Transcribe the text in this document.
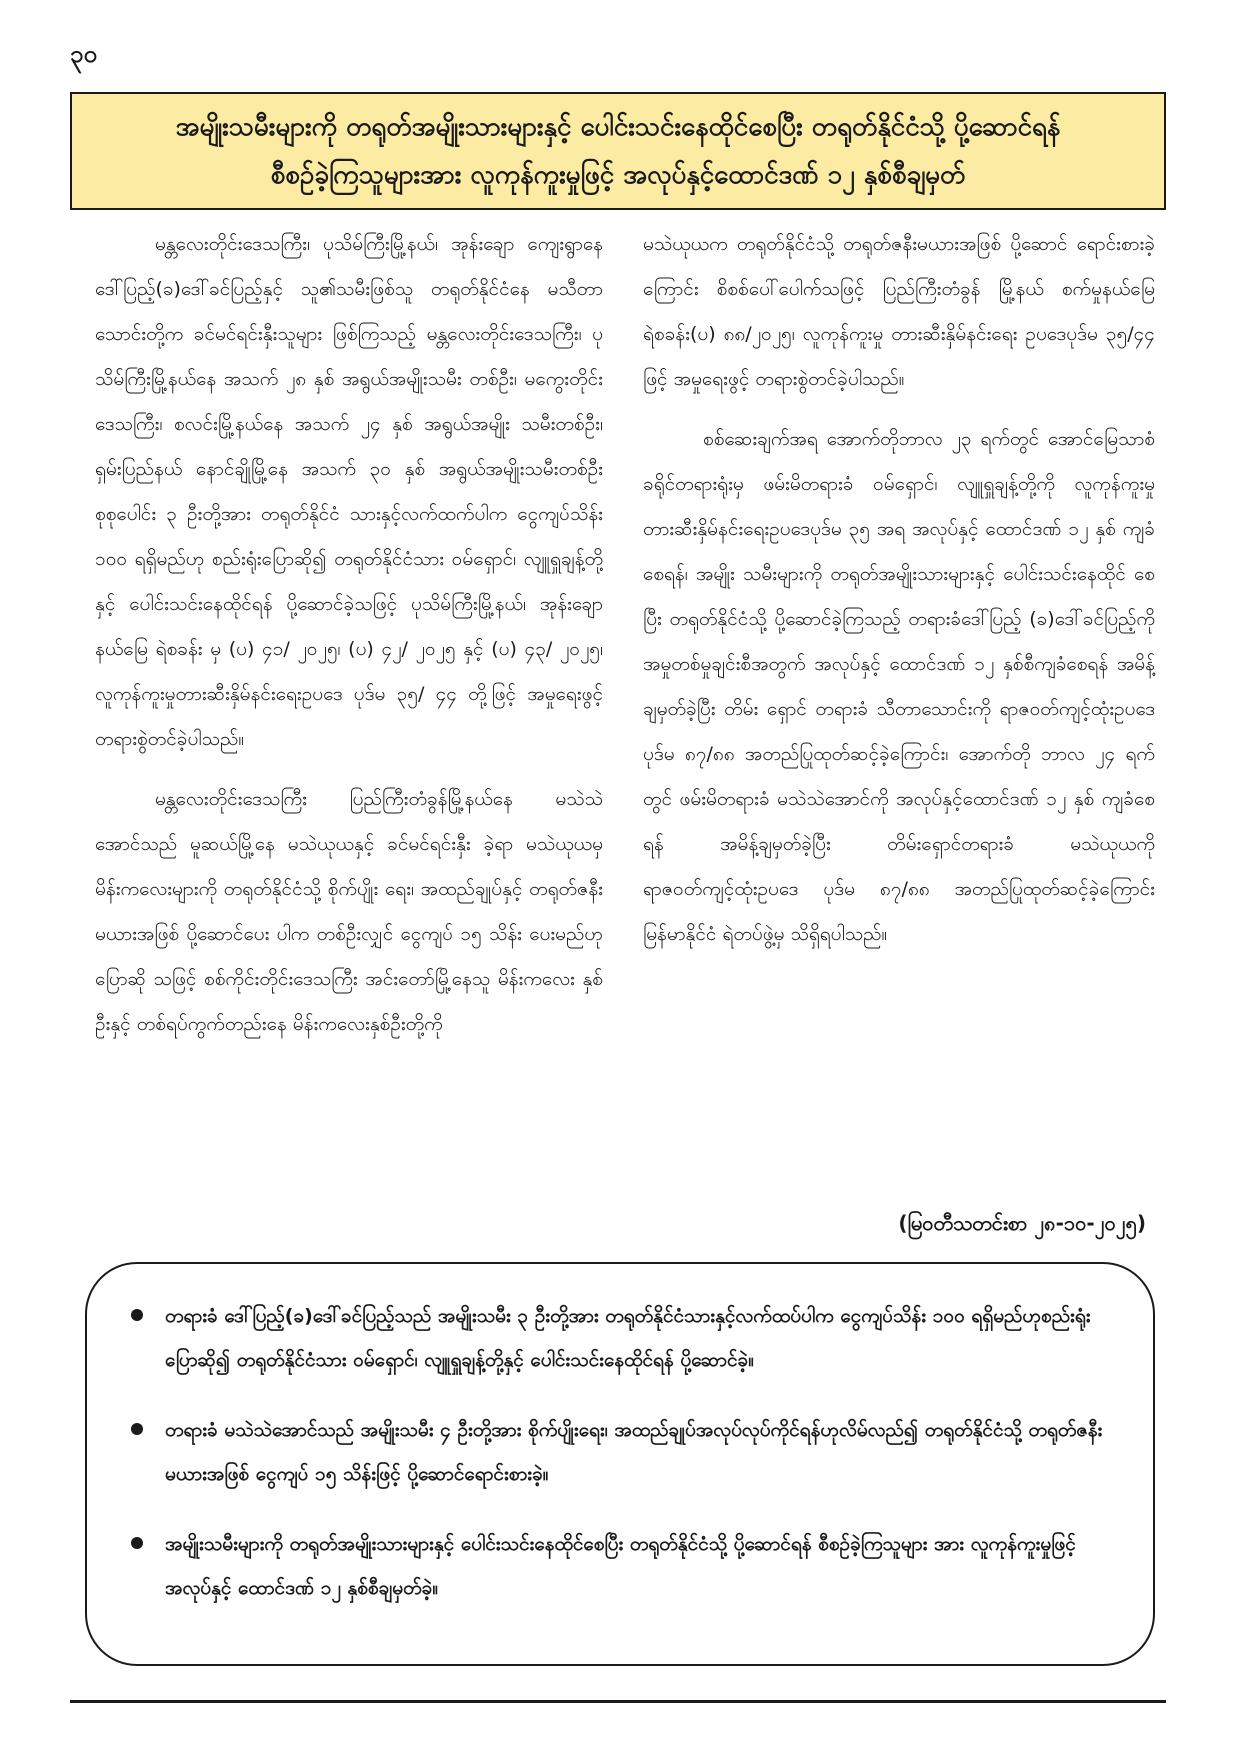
၃၀
အမျိုးသမီးများကို တရုတ်အမျိုးသားများနှင့် ပေါင်းသင်းနေထိုင်စေပြီး တရုတ်နိုင်ငံသို့ ပို့ဆောင်ရန်
စီစဉ်ခဲ့ကြသူများအား လူကုန်ကူးမှုဖြင့် အလုပ်နှင့်ထောင်ဒဏ် ၁၂ နှစ်စီချမှတ်

မန္တလေးတိုင်းဒေသကြီး၊ ပုသိမ်ကြီးမြို့နယ်၊ အုန်းချော ကျေးရွာနေ ဒေါ်ပြည့်(ခ)ဒေါ်ခင်ပြည့်နှင့် သူ၏သမီးဖြစ်သူ တရုတ်နိုင်ငံနေ မသီတာသောင်းတို့က ခင်မင်ရင်းနှီးသူများ ဖြစ်ကြသည့် မန္တလေးတိုင်းဒေသကြီး၊ ပုသိမ်ကြီးမြို့နယ်နေ အသက် ၂၈ နှစ် အရွယ်အမျိုးသမီး တစ်ဦး၊ မကွေးတိုင်း ဒေသကြီး၊ စလင်းမြို့နယ်နေ အသက် ၂၄ နှစ် အရွယ်အမျိုး သမီးတစ်ဦး၊ ရှမ်းပြည်နယ် နောင်ချိုမြို့နေ အသက် ၃၀ နှစ် အရွယ်အမျိုးသမီးတစ်ဦး စုစုပေါင်း ၃ ဦးတို့အား တရုတ်နိုင်ငံ သားနှင့်လက်ထက်ပါက ငွေကျပ်သိန်း ၁၀၀ ရရှိမည်ဟု စည်းရုံးပြောဆို၍ တရုတ်နိုင်ငံသား ဝမ်ရှောင်၊ လျူရှူချန့်တို့ နှင့် ပေါင်းသင်းနေထိုင်ရန် ပို့ဆောင်ခဲ့သဖြင့် ပုသိမ်ကြီးမြို့နယ်၊ အုန်းချောနယ်မြေ ရဲစခန်း မှ (ပ) ၄၁/ ၂၀၂၅၊ (ပ) ၄၂/ ၂၀၂၅ နှင့် (ပ) ၄၃/ ၂၀၂၅၊ လူကုန်ကူးမှုတားဆီးနှိမ်နင်းရေးဥပဒေ ပုဒ်မ ၃၅/ ၄၄ တို့ဖြင့် အမှုရေးဖွင့် တရားစွဲတင်ခဲ့ပါသည်။

မန္တလေးတိုင်းဒေသကြီး ပြည်ကြီးတံခွန်မြို့နယ်နေ မသဲသဲအောင်သည် မူဆယ်မြို့နေ မသဲယုယနှင့် ခင်မင်ရင်းနှီး ခဲ့ရာ မသဲယုယမှ မိန်းကလေးများကို တရုတ်နိုင်ငံသို့ စိုက်ပျိုး ရေး၊ အထည်ချုပ်နှင့် တရုတ်ဇနီးမယားအဖြစ် ပို့ဆောင်ပေး ပါက တစ်ဦးလျှင် ငွေကျပ် ၁၅ သိန်း ပေးမည်ဟု ပြောဆို သဖြင့် စစ်ကိုင်းတိုင်းဒေသကြီး အင်းတော်မြို့နေသူ မိန်းကလေး နှစ်ဦးနှင့် တစ်ရပ်ကွက်တည်းနေ မိန်းကလေးနှစ်ဦးတို့ကို

မသဲယုယက တရုတ်နိုင်ငံသို့ တရုတ်ဇနီးမယားအဖြစ် ပို့ဆောင် ရောင်းစားခဲ့ကြောင်း စိစစ်ပေါ်ပေါက်သဖြင့် ပြည်ကြီးတံခွန် မြို့နယ် စက်မှုနယ်မြေရဲစခန်း(ပ) ၈၈/၂၀၂၅၊ လူကုန်ကူးမှု တားဆီးနှိမ်နင်းရေး ဥပဒေပုဒ်မ ၃၅/၄၄ ဖြင့် အမှုရေးဖွင့် တရားစွဲတင်ခဲ့ပါသည်။

စစ်ဆေးချက်အရ အောက်တိုဘာလ ၂၃ ရက်တွင် အောင်မြေသာစံခရိုင်တရားရုံးမှ ဖမ်းမိတရားခံ ဝမ်ရှောင်၊ လျူရှူချန့်တို့ကို လူကုန်ကူးမှုတားဆီးနှိမ်နင်းရေးဥပဒေပုဒ်မ ၃၅ အရ အလုပ်နှင့် ထောင်ဒဏ် ၁၂ နှစ် ကျခံစေရန်၊ အမျိုး သမီးများကို တရုတ်အမျိုးသားများနှင့် ပေါင်းသင်းနေထိုင် စေပြီး တရုတ်နိုင်ငံသို့ ပို့ဆောင်ခဲ့ကြသည့် တရားခံဒေါ်ပြည့် (ခ)ဒေါ်ခင်ပြည့်ကို အမှုတစ်မှုချင်းစီအတွက် အလုပ်နှင့် ထောင်ဒဏ် ၁၂ နှစ်စီကျခံစေရန် အမိန့်ချမှတ်ခဲ့ပြီး တိမ်း ရှောင် တရားခံ သီတာသောင်းကို ရာဇဝတ်ကျင့်ထုံးဥပဒေ ပုဒ်မ ၈၇/၈၈ အတည်ပြုထုတ်ဆင့်ခဲ့ကြောင်း၊ အောက်တို ဘာလ ၂၄ ရက်တွင် ဖမ်းမိတရားခံ မသဲသဲအောင်ကို အလုပ်နှင့်ထောင်ဒဏ် ၁၂ နှစ် ကျခံစေရန် အမိန့်ချမှတ်ခဲ့ပြီး တိမ်းရှောင်တရားခံ မသဲယုယကို ရာဇဝတ်ကျင့်ထုံးဥပဒေ ပုဒ်မ ၈၇/၈၈ အတည်ပြုထုတ်ဆင့်ခဲ့ကြောင်း မြန်မာနိုင်ငံ ရဲတပ်ဖွဲ့မှ သိရှိရပါသည်။

(မြဝတီသတင်းစာ ၂၈-၁၀-၂၀၂၅)
တရားခံ ဒေါ်ပြည့်(ခ)ဒေါ်ခင်ပြည့်သည် အမျိုးသမီး ၃ ဦးတို့အား တရုတ်နိုင်ငံသားနှင့်လက်ထပ်ပါက ငွေကျပ်သိန်း ၁၀၀ ရရှိမည်ဟုစည်းရုံးပြောဆို၍ တရုတ်နိုင်ငံသား ဝမ်ရှောင်၊ လျူရှူချန့်တို့နှင့် ပေါင်းသင်းနေထိုင်ရန် ပို့ဆောင်ခဲ့။
တရားခံ မသဲသဲအောင်သည် အမျိုးသမီး ၄ ဦးတို့အား စိုက်ပျိုးရေး၊ အထည်ချုပ်အလုပ်လုပ်ကိုင်ရန်ဟုလိမ်လည်၍ တရုတ်နိုင်ငံသို့ တရုတ်ဇနီးမယားအဖြစ် ငွေကျပ် ၁၅ သိန်းဖြင့် ပို့ဆောင်ရောင်းစားခဲ့။
အမျိုးသမီးများကို တရုတ်အမျိုးသားများနှင့် ပေါင်းသင်းနေထိုင်စေပြီး တရုတ်နိုင်ငံသို့ ပို့ဆောင်ရန် စီစဉ်ခဲ့ကြသူများ အား လူကုန်ကူးမှုဖြင့် အလုပ်နှင့် ထောင်ဒဏ် ၁၂ နှစ်စီချမှတ်ခဲ့။
